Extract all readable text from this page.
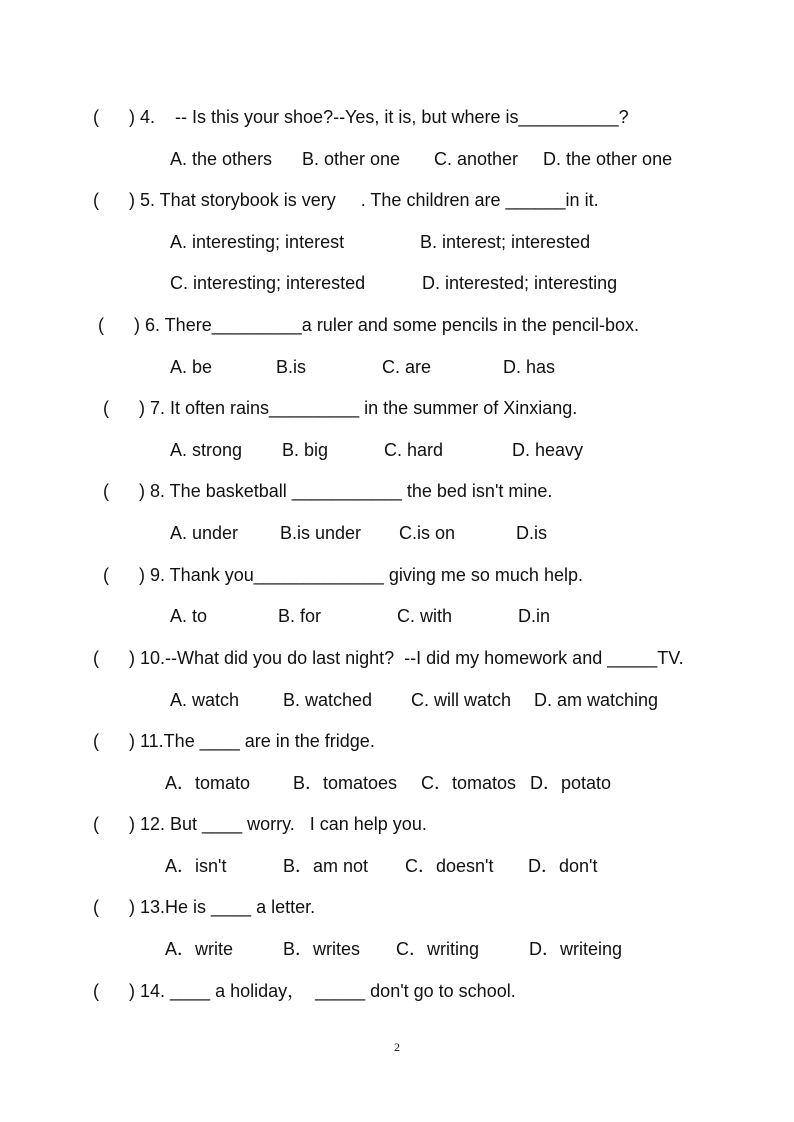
(      ) 4.    -- Is this your shoe?--Yes, it is, but where is__________?
A. the others B. other one C. another D. the other one
(      ) 5. That storybook is very     . The children are ______in it.
A. interesting; interest	B. interest; interested
C. interesting; interested	D. interested; interesting
(      ) 6. There_________a ruler and some pencils in the pencil-box.
A. be	B.is	C. are	D. has
(      ) 7. It often rains_________ in the summer of Xinxiang.
A. strong B. big	C. hard	D. heavy
(      ) 8. The basketball ___________ the bed isn't mine.
A. under B.is under C.is on	D.is
(      ) 9. Thank you_____________ giving me so much help.
A. to	B. for	C. with	D.in
(      ) 10.--What did you do last night?  --I did my homework and _____TV.
A. watch B. watched C. will watch D. am watching
(      ) 11.The ____ are in the fridge.
A．tomato B．tomatoes C．tomatos D．potato
(      ) 12. But ____ worry.   I can help you.
A．isn't	B．am not C．doesn't D．don't
(      ) 13.He is ____ a letter.
A．write	B．writes C．writing	D．writeing
(      ) 14. ____ a holiday，  _____ don't go to school.
2
